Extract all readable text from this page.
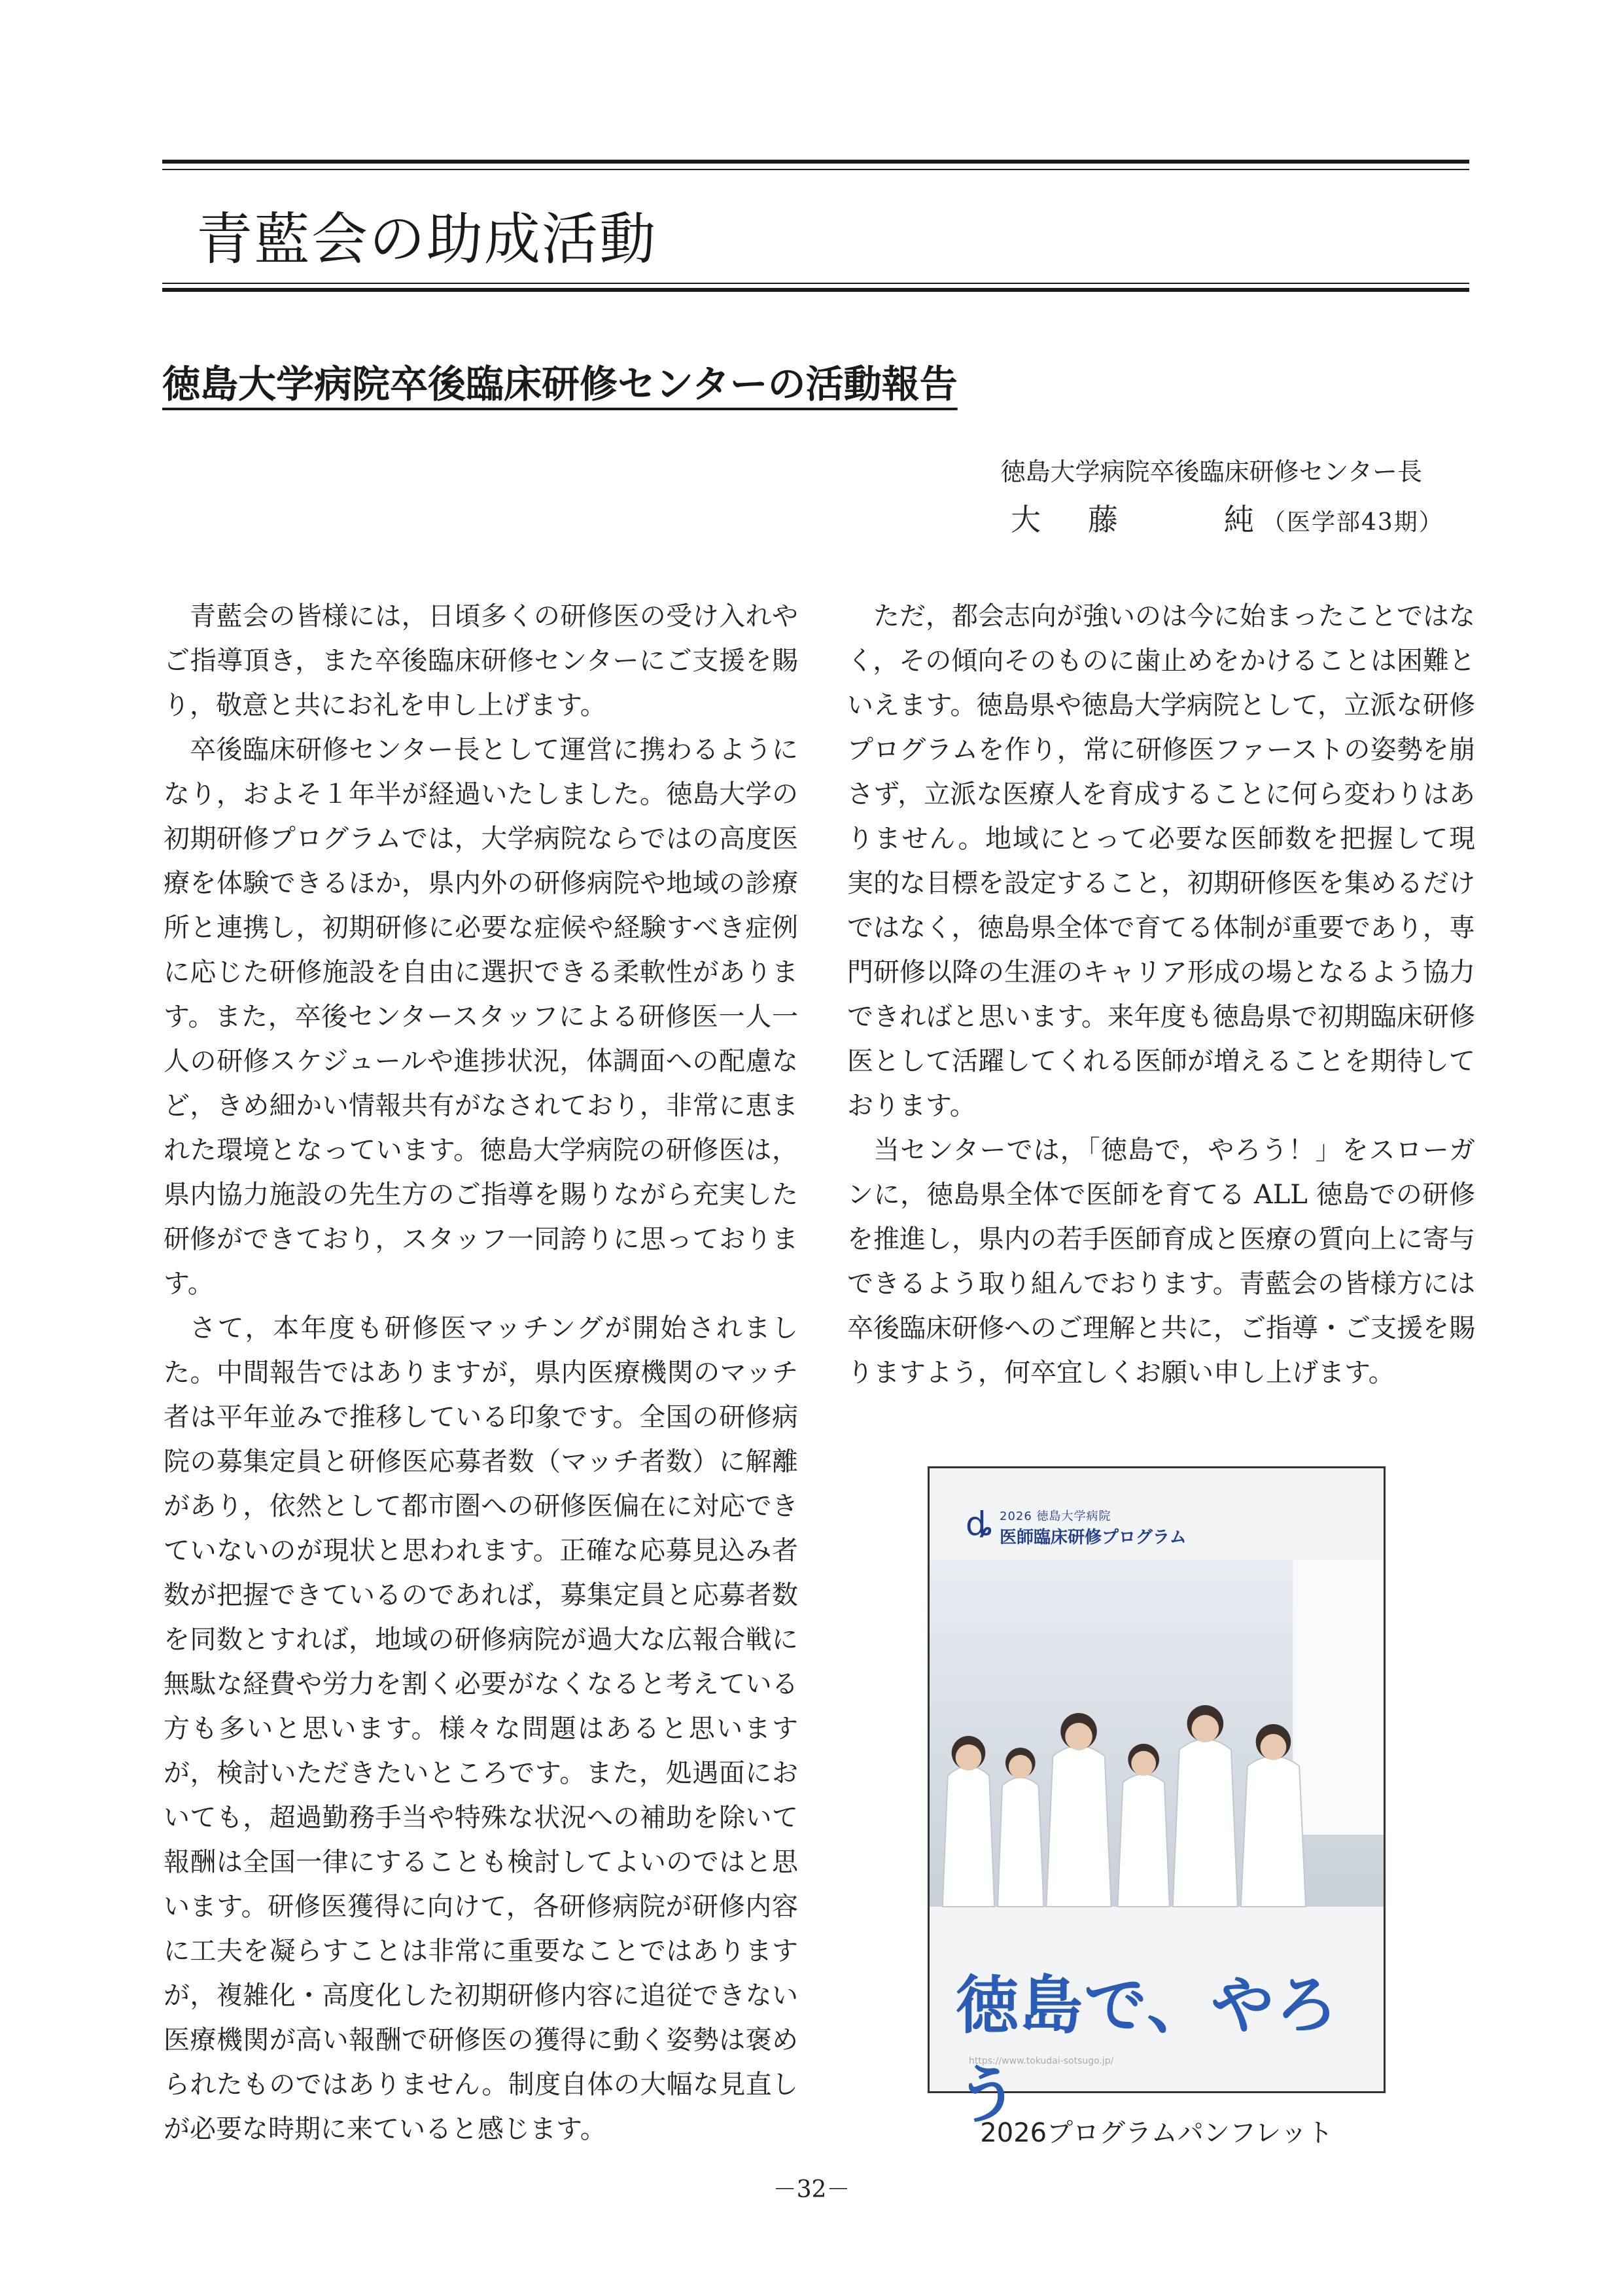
青藍会の助成活動
徳島大学病院卒後臨床研修センターの活動報告
徳島大学病院卒後臨床研修センター長
大 藤	純 （医学部43期）

青藍会の皆様には，日頃多くの研修医の受け入れやご指導頂き，また卒後臨床研修センターにご支援を賜り，敬意と共にお礼を申し上げます。

卒後臨床研修センター長として運営に携わるようになり，およそ１年半が経過いたしました。徳島大学の初期研修プログラムでは，大学病院ならではの高度医療を体験できるほか，県内外の研修病院や地域の診療所と連携し，初期研修に必要な症候や経験すべき症例に応じた研修施設を自由に選択できる柔軟性があります。また，卒後センタースタッフによる研修医一人一人の研修スケジュールや進捗状況，体調面への配慮など，きめ細かい情報共有がなされており，非常に恵まれた環境となっています。徳島大学病院の研修医は，県内協力施設の先生方のご指導を賜りながら充実した研修ができており，スタッフ一同誇りに思っております。

さて，本年度も研修医マッチングが開始されました。中間報告ではありますが，県内医療機関のマッチ者は平年並みで推移している印象です。全国の研修病院の募集定員と研修医応募者数（マッチ者数）に解離があり，依然として都市圏への研修医偏在に対応できていないのが現状と思われます。正確な応募見込み者数が把握できているのであれば，募集定員と応募者数を同数とすれば，地域の研修病院が過大な広報合戦に無駄な経費や労力を割く必要がなくなると考えている方も多いと思います。様々な問題はあると思いますが，検討いただきたいところです。また，処遇面においても，超過勤務手当や特殊な状況への補助を除いて報酬は全国一律にすることも検討してよいのではと思います。研修医獲得に向けて，各研修病院が研修内容に工夫を凝らすことは非常に重要なことではありますが，複雑化・高度化した初期研修内容に追従できない医療機関が高い報酬で研修医の獲得に動く姿勢は褒められたものではありません。制度自体の大幅な見直しが必要な時期に来ていると感じます。

ただ，都会志向が強いのは今に始まったことではなく，その傾向そのものに歯止めをかけることは困難といえます。徳島県や徳島大学病院として，立派な研修プログラムを作り，常に研修医ファーストの姿勢を崩さず，立派な医療人を育成することに何ら変わりはありません。地域にとって必要な医師数を把握して現実的な目標を設定すること，初期研修医を集めるだけではなく，徳島県全体で育てる体制が重要であり，専門研修以降の生涯のキャリア形成の場となるよう協力できればと思います。来年度も徳島県で初期臨床研修医として活躍してくれる医師が増えることを期待しております。

当センターでは，「徳島で，やろう！」をスローガンに，徳島県全体で医師を育てる ALL 徳島での研修を推進し，県内の若手医師育成と医療の質向上に寄与できるよう取り組んでおります。青藍会の皆様方には卒後臨床研修へのご理解と共に，ご指導・ご支援を賜りますよう，何卒宜しくお願い申し上げます。

ȡ 2026 徳島大学病院
医師臨床研修プログラム
徳島で、やろう
https://www.tokudai-sotsugo.jp/
2026プログラムパンフレット
－32－
